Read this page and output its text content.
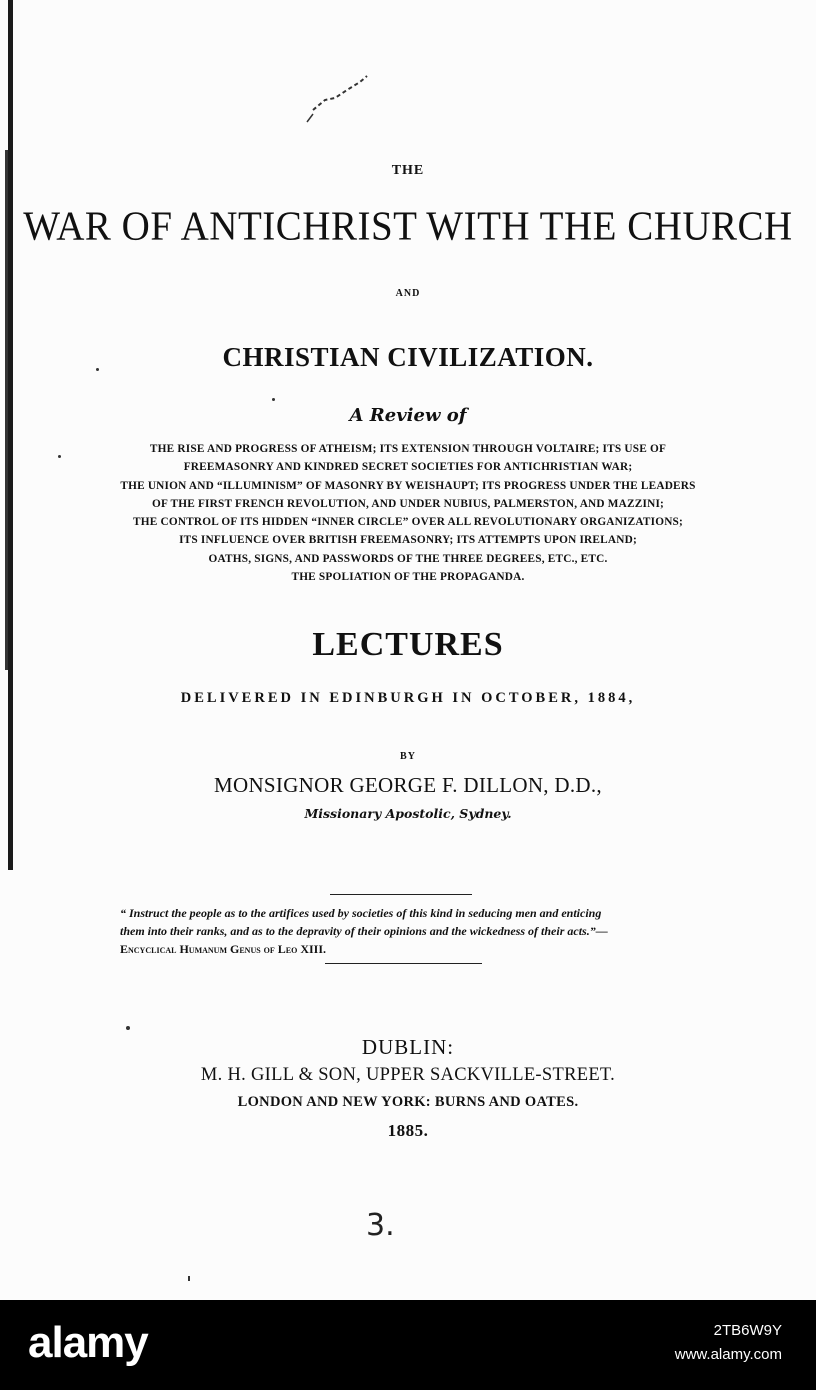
THE
WAR OF ANTICHRIST WITH THE CHURCH
AND
CHRISTIAN CIVILIZATION.
A Review of
THE RISE AND PROGRESS OF ATHEISM; ITS EXTENSION THROUGH VOLTAIRE; ITS USE OF
FREEMASONRY AND KINDRED SECRET SOCIETIES FOR ANTICHRISTIAN WAR;
THE UNION AND “ILLUMINISM” OF MASONRY BY WEISHAUPT; ITS PROGRESS UNDER THE LEADERS
OF THE FIRST FRENCH REVOLUTION, AND UNDER NUBIUS, PALMERSTON, AND MAZZINI;
THE CONTROL OF ITS HIDDEN “INNER CIRCLE” OVER ALL REVOLUTIONARY ORGANIZATIONS;
ITS INFLUENCE OVER BRITISH FREEMASONRY; ITS ATTEMPTS UPON IRELAND;
OATHS, SIGNS, AND PASSWORDS OF THE THREE DEGREES, ETC., ETC.
THE SPOLIATION OF THE PROPAGANDA.
LECTURES
DELIVERED IN EDINBURGH IN OCTOBER, 1884,
BY
MONSIGNOR GEORGE F. DILLON, D.D.,
Missionary Apostolic, Sydney.
“ Instruct the people as to the artifices used by societies of this kind in seducing men and enticing
them into their ranks, and as to the depravity of their opinions and the wickedness of their acts.”—
Encyclical Humanum Genus of Leo XIII.
DUBLIN:
M. H. GILL & SON, UPPER SACKVILLE-STREET.
LONDON AND NEW YORK: BURNS AND OATES.
1885.
3.
alamy	2TB6W9Y
www.alamy.com
